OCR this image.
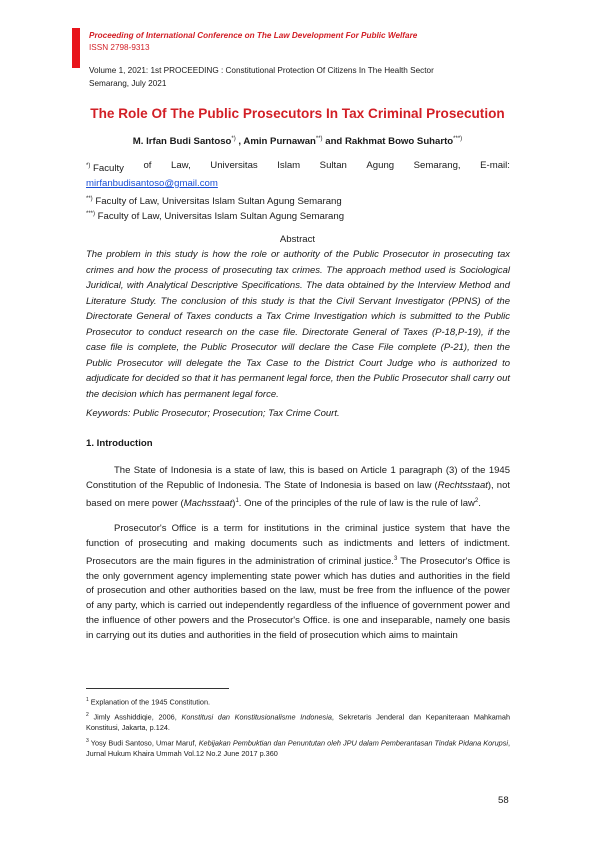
Proceeding of International Conference on The Law Development For Public Welfare
ISSN 2798-9313
Volume 1, 2021: 1st PROCEEDING : Constitutional Protection Of Citizens In The Health Sector
Semarang, July 2021
The Role Of The Public Prosecutors In Tax Criminal Prosecution
M. Irfan Budi Santoso*) , Amin Purnawan**) and Rakhmat Bowo Suharto***)
*) Faculty of Law, Universitas Islam Sultan Agung Semarang, E-mail:
mirfanbudisantoso@gmail.com
**) Faculty of Law, Universitas Islam Sultan Agung Semarang
***) Faculty of Law, Universitas Islam Sultan Agung Semarang
Abstract

The problem in this study is how the role or authority of the Public Prosecutor in prosecuting tax crimes and how the process of prosecuting tax crimes. The approach method used is Sociological Juridical, with Analytical Descriptive Specifications. The data obtained by the Interview Method and Literature Study. The conclusion of this study is that the Civil Servant Investigator (PPNS) of the Directorate General of Taxes conducts a Tax Crime Investigation which is submitted to the Public Prosecutor to conduct research on the case file. Directorate General of Taxes (P-18,P-19), if the case file is complete, the Public Prosecutor will declare the Case File complete (P-21), then the Public Prosecutor will delegate the Tax Case to the District Court Judge who is authorized to adjudicate for decided so that it has permanent legal force, then the Public Prosecutor shall carry out the decision which has permanent legal force.

Keywords: Public Prosecutor; Prosecution; Tax Crime Court.
1. Introduction

The State of Indonesia is a state of law, this is based on Article 1 paragraph (3) of the 1945 Constitution of the Republic of Indonesia. The State of Indonesia is based on law (Rechtsstaat), not based on mere power (Machsstaat)$^1$. One of the principles of the rule of law is the rule of law$^2$.

Prosecutor's Office is a term for institutions in the criminal justice system that have the function of prosecuting and making documents such as indictments and letters of indictment. Prosecutors are the main figures in the administration of criminal justice.$^3$ The Prosecutor's Office is the only government agency implementing state power which has duties and authorities in the field of prosecution and other authorities based on the law, must be free from the influence of the power of any party, which is carried out independently regardless of the influence of government power and the influence of other powers and the Prosecutor's Office. is one and inseparable, namely one basis in carrying out its duties and authorities in the field of prosecution which aims to maintain

$^1$ Explanation of the 1945 Constitution.

$^2$ Jimly Asshiddiqie, 2006, Konstitusi dan Konstitusionalisme Indonesia, Sekretaris Jenderal dan Kepaniteraan Mahkamah Konstitusi, Jakarta, p.124.

$^3$ Yosy Budi Santoso, Umar Maruf, Kebijakan Pembuktian dan Penuntutan oleh JPU dalam Pemberantasan Tindak Pidana Korupsi, Jurnal Hukum Khaira Ummah Vol.12 No.2 June 2017 p.360

58
